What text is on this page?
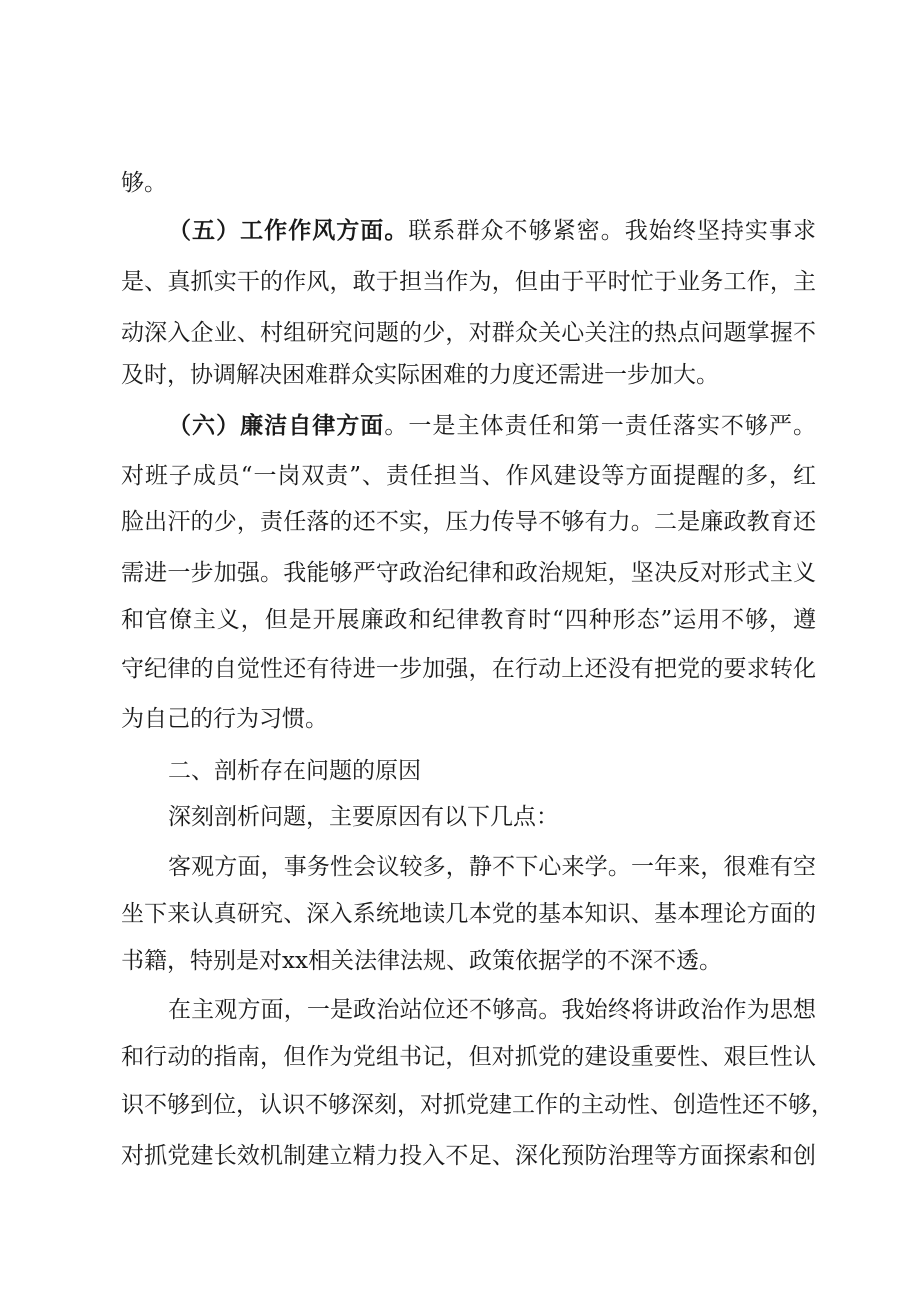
够。
（五）工作作风方面。联系群众不够紧密。我始终坚持实事求
是、真抓实干的作风，敢于担当作为，但由于平时忙于业务工作，主
动深入企业、村组研究问题的少，对群众关心关注的热点问题掌握不
及时，协调解决困难群众实际困难的力度还需进一步加大。
（六）廉洁自律方面。一是主体责任和第一责任落实不够严。
对班子成员“一岗双责”、责任担当、作风建设等方面提醒的多，红
脸出汗的少，责任落的还不实，压力传导不够有力。二是廉政教育还
需进一步加强。我能够严守政治纪律和政治规矩，坚决反对形式主义
和官僚主义，但是开展廉政和纪律教育时“四种形态”运用不够，遵
守纪律的自觉性还有待进一步加强，在行动上还没有把党的要求转化
为自己的行为习惯。
二、剖析存在问题的原因
深刻剖析问题，主要原因有以下几点：
客观方面，事务性会议较多，静不下心来学。一年来，很难有空
坐下来认真研究、深入系统地读几本党的基本知识、基本理论方面的
书籍，特别是对xx相关法律法规、政策依据学的不深不透。
在主观方面，一是政治站位还不够高。我始终将讲政治作为思想
和行动的指南，但作为党组书记，但对抓党的建设重要性、艰巨性认
识不够到位，认识不够深刻，对抓党建工作的主动性、创造性还不够，
对抓党建长效机制建立精力投入不足、深化预防治理等方面探索和创
